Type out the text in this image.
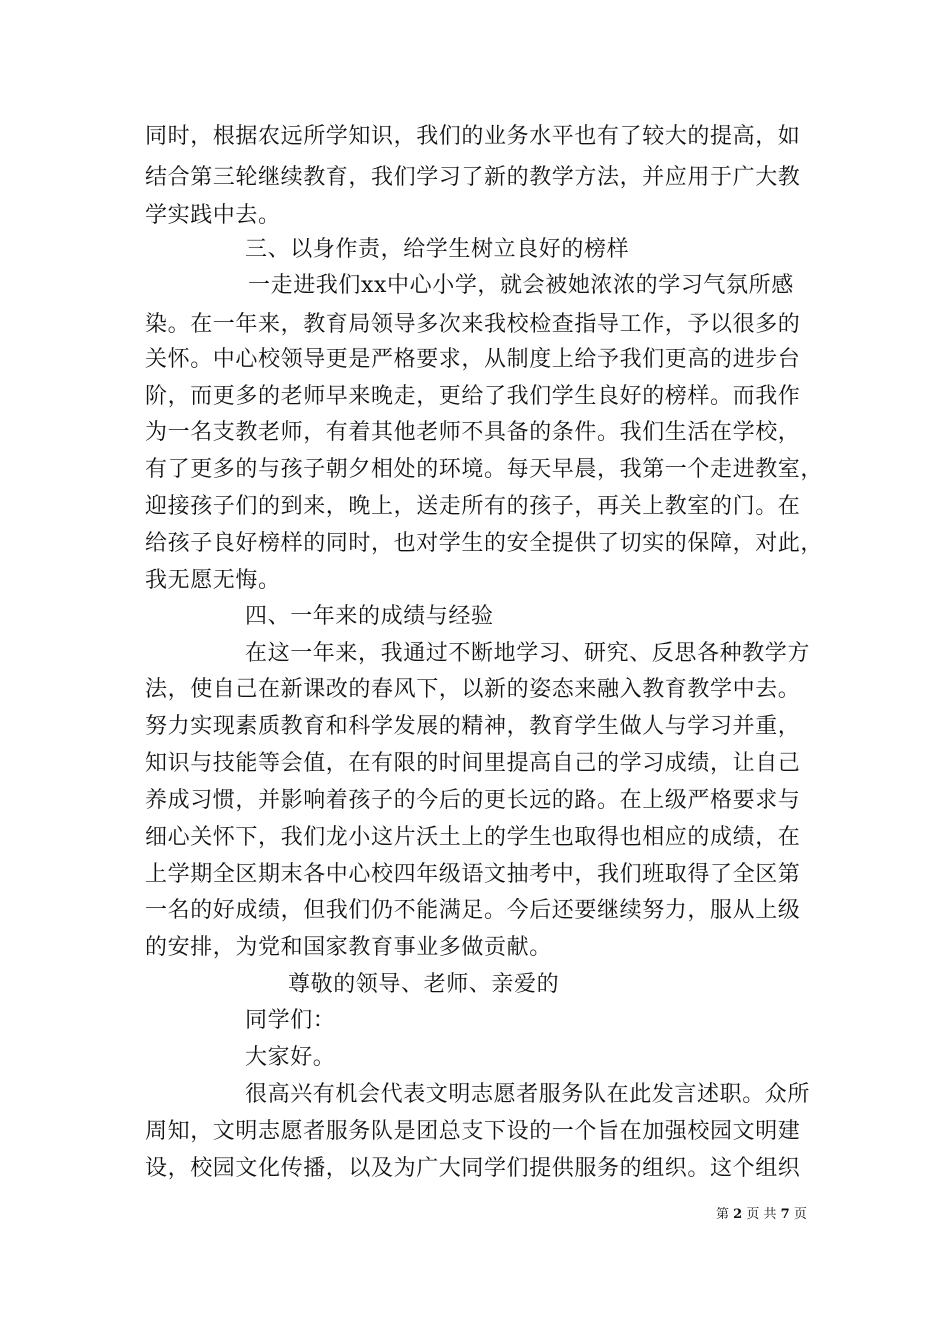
同时，根据农远所学知识，我们的业务水平也有了较大的提高，如
结合第三轮继续教育，我们学习了新的教学方法，并应用于广大教
学实践中去。
三、以身作责，给学生树立良好的榜样
一走进我们xx中心小学，就会被她浓浓的学习气氛所感
染。在一年来，教育局领导多次来我校检查指导工作，予以很多的
关怀。中心校领导更是严格要求，从制度上给予我们更高的进步台
阶，而更多的老师早来晚走，更给了我们学生良好的榜样。而我作
为一名支教老师，有着其他老师不具备的条件。我们生活在学校，
有了更多的与孩子朝夕相处的环境。每天早晨，我第一个走进教室，
迎接孩子们的到来，晚上，送走所有的孩子，再关上教室的门。在
给孩子良好榜样的同时，也对学生的安全提供了切实的保障，对此，
我无愿无悔。
四、一年来的成绩与经验
在这一年来，我通过不断地学习、研究、反思各种教学方
法，使自己在新课改的春风下，以新的姿态来融入教育教学中去。
努力实现素质教育和科学发展的精神，教育学生做人与学习并重，
知识与技能等会值，在有限的时间里提高自己的学习成绩，让自己
养成习惯，并影响着孩子的今后的更长远的路。在上级严格要求与
细心关怀下，我们龙小这片沃土上的学生也取得也相应的成绩，在
上学期全区期末各中心校四年级语文抽考中，我们班取得了全区第
一名的好成绩，但我们仍不能满足。今后还要继续努力，服从上级
的安排，为党和国家教育事业多做贡献。
尊敬的领导、老师、亲爱的
同学们：
大家好。
很高兴有机会代表文明志愿者服务队在此发言述职。众所
周知，文明志愿者服务队是团总支下设的一个旨在加强校园文明建
设，校园文化传播，以及为广大同学们提供服务的组织。这个组织
第 2 页 共 7 页
